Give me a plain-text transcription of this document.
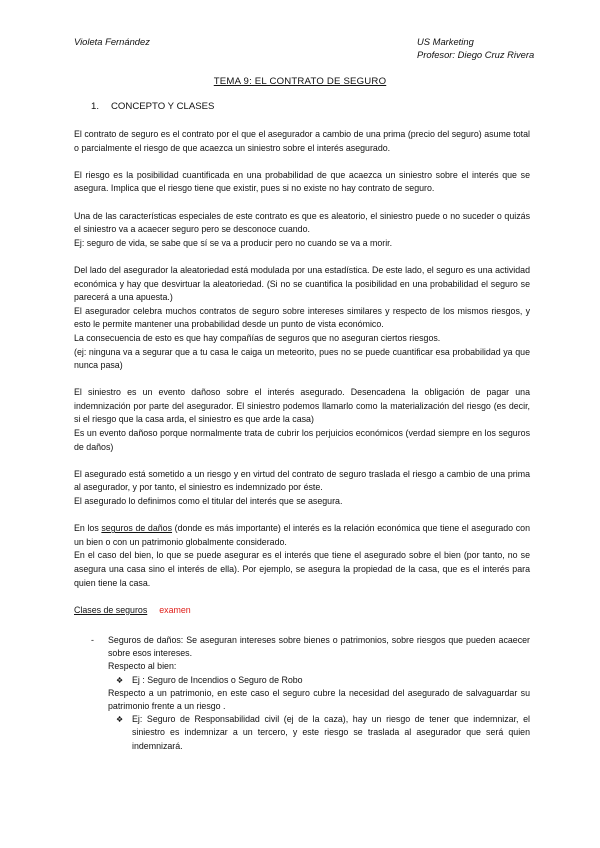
Violeta Fernández	US Marketing
Profesor: Diego Cruz Rivera
TEMA 9: EL CONTRATO DE SEGURO
1. CONCEPTO Y CLASES

El contrato de seguro es el contrato por el que el asegurador a cambio de una prima (precio del seguro) asume total o parcialmente el riesgo de que acaezca un siniestro sobre el interés asegurado.

El riesgo es la posibilidad cuantificada en una probabilidad de que acaezca un siniestro sobre el interés que se asegura. Implica que el riesgo tiene que existir, pues si no existe no hay contrato de seguro.

Una de las características especiales de este contrato es que es aleatorio, el siniestro puede o no suceder o quizás el siniestro va a acaecer seguro pero se desconoce cuando.

Ej: seguro de vida, se sabe que sí se va a producir pero no cuando se va a morir.

Del lado del asegurador la aleatoriedad está modulada por una estadística. De este lado, el seguro es una actividad económica y hay que desvirtuar la aleatoriedad. (Si no se cuantifica la posibilidad en una probabilidad el seguro se parecerá a una apuesta.)

El asegurador celebra muchos contratos de seguro sobre intereses similares y respecto de los mismos riesgos, y esto le permite mantener una probabilidad desde un punto de vista económico.

La consecuencia de esto es que hay compañías de seguros que no aseguran ciertos riesgos.

(ej: ninguna va a segurar que a tu casa le caiga un meteorito, pues no se puede cuantificar esa probabilidad ya que nunca pasa)

El siniestro es un evento dañoso sobre el interés asegurado. Desencadena la obligación de pagar una indemnización por parte del asegurador. El siniestro podemos llamarlo como la materialización del riesgo (es decir, si el riesgo que la casa arda, el siniestro es que arde la casa)

Es un evento dañoso porque normalmente trata de cubrir los perjuicios económicos (verdad siempre en los seguros de daños)

El asegurado está sometido a un riesgo y en virtud del contrato de seguro traslada el riesgo a cambio de una prima al asegurador, y por tanto, el siniestro es indemnizado por éste.

El asegurado lo definimos como el titular del interés que se asegura.

En los seguros de daños (donde es más importante) el interés es la relación económica que tiene el asegurado con un bien o con un patrimonio globalmente considerado.

En el caso del bien, lo que se puede asegurar es el interés que tiene el asegurado sobre el bien (por tanto, no se asegura una casa sino el interés de ella). Por ejemplo, se asegura la propiedad de la casa, que es el interés para quien tiene la casa.

Clases de seguros examen

- Seguros de daños: Se aseguran intereses sobre bienes o patrimonios, sobre riesgos que pueden acaecer sobre esos intereses.
Respecto al bien:
❖ Ej : Seguro de Incendios o Seguro de Robo
Respecto a un patrimonio, en este caso el seguro cubre la necesidad del asegurado de salvaguardar su patrimonio frente a un riesgo .
❖ Ej: Seguro de Responsabilidad civil (ej de la caza), hay un riesgo de tener que indemnizar, el siniestro es indemnizar a un tercero, y este riesgo se traslada al asegurador que será quien indemnizará.
